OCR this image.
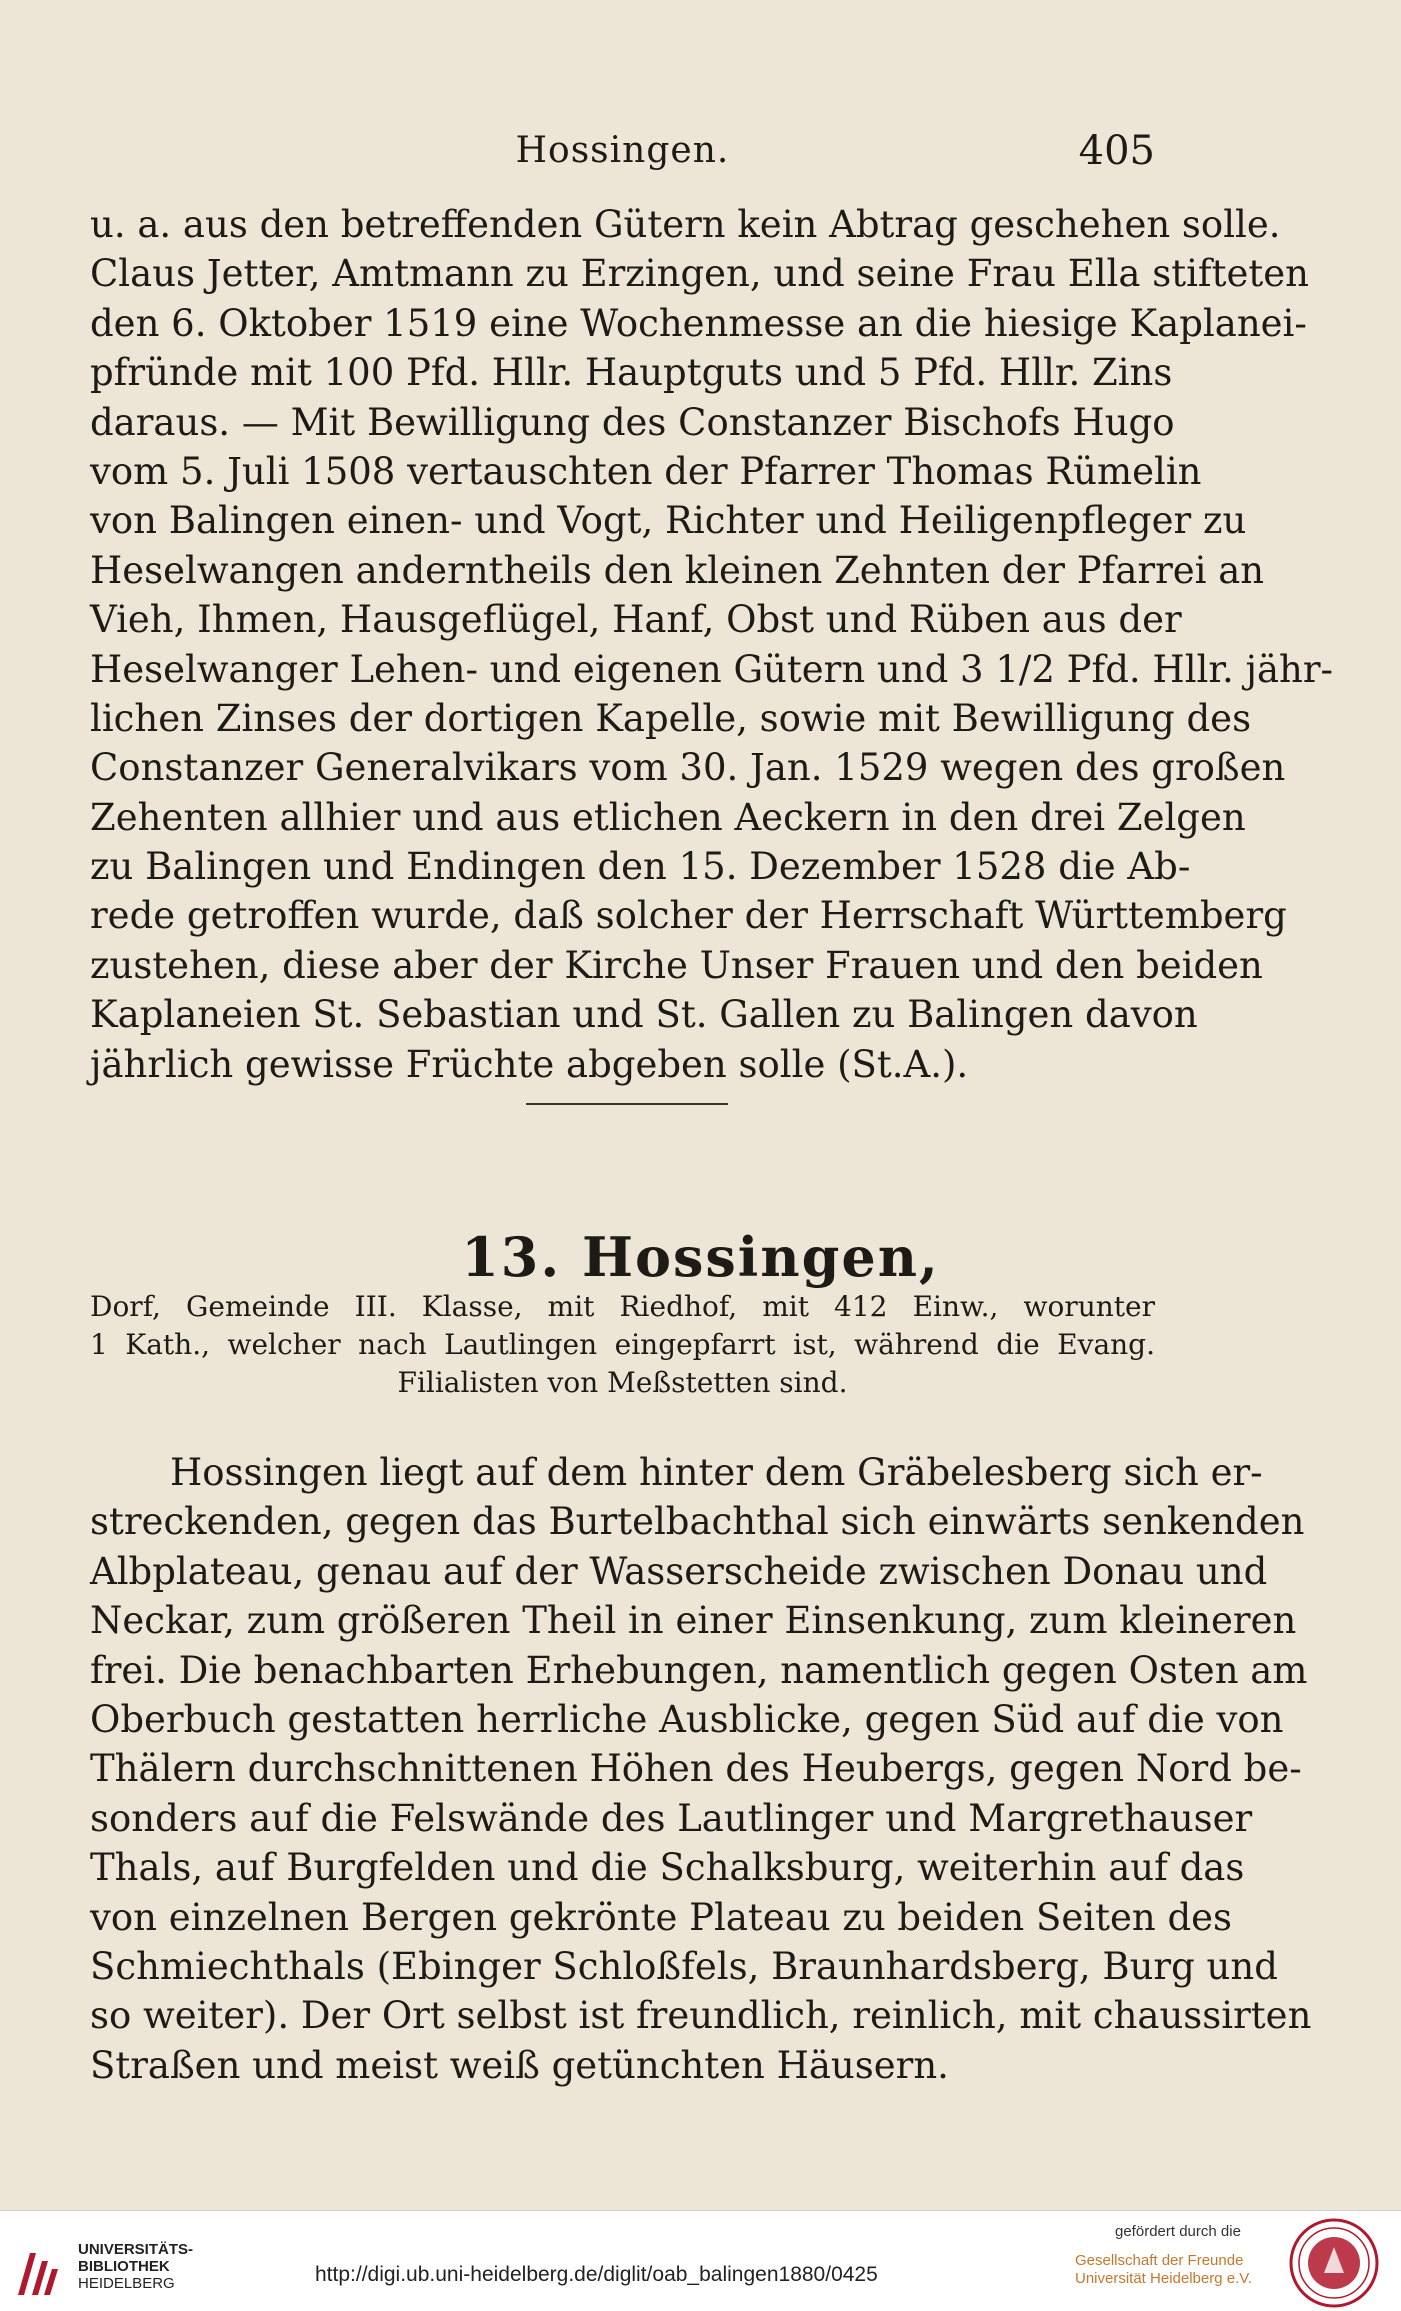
Hossingen.	405
u. a. aus den betreffenden Gütern kein Abtrag geschehen solle.
Claus Jetter, Amtmann zu Erzingen, und seine Frau Ella stifteten
den 6. Oktober 1519 eine Wochenmesse an die hiesige Kaplanei-
pfründe mit 100 Pfd. Hllr. Hauptguts und 5 Pfd. Hllr. Zins
daraus. — Mit Bewilligung des Constanzer Bischofs Hugo
vom 5. Juli 1508 vertauschten der Pfarrer Thomas Rümelin
von Balingen einen- und Vogt, Richter und Heiligenpfleger zu
Heselwangen anderntheils den kleinen Zehnten der Pfarrei an
Vieh, Ihmen, Hausgeflügel, Hanf, Obst und Rüben aus der
Heselwanger Lehen- und eigenen Gütern und 3 1/2 Pfd. Hllr. jähr-
lichen Zinses der dortigen Kapelle, sowie mit Bewilligung des
Constanzer Generalvikars vom 30. Jan. 1529 wegen des großen
Zehenten allhier und aus etlichen Aeckern in den drei Zelgen
zu Balingen und Endingen den 15. Dezember 1528 die Ab-
rede getroffen wurde, daß solcher der Herrschaft Württemberg
zustehen, diese aber der Kirche Unser Frauen und den beiden
Kaplaneien St. Sebastian und St. Gallen zu Balingen davon
jährlich gewisse Früchte abgeben solle (St.A.).
13. Hossingen,
Dorf, Gemeinde III. Klasse, mit Riedhof, mit 412 Einw., worunter
1 Kath., welcher nach Lautlingen eingepfarrt ist, während die Evang.
Filialisten von Meßstetten sind.
Hossingen liegt auf dem hinter dem Gräbelesberg sich er-
streckenden, gegen das Burtelbachthal sich einwärts senkenden
Albplateau, genau auf der Wasserscheide zwischen Donau und
Neckar, zum größeren Theil in einer Einsenkung, zum kleineren
frei. Die benachbarten Erhebungen, namentlich gegen Osten am
Oberbuch gestatten herrliche Ausblicke, gegen Süd auf die von
Thälern durchschnittenen Höhen des Heubergs, gegen Nord be-
sonders auf die Felswände des Lautlinger und Margrethauser
Thals, auf Burgfelden und die Schalksburg, weiterhin auf das
von einzelnen Bergen gekrönte Plateau zu beiden Seiten des
Schmiechthals (Ebinger Schloßfels, Braunhardsberg, Burg und
so weiter). Der Ort selbst ist freundlich, reinlich, mit chaussirten
Straßen und meist weiß getünchten Häusern.
UNIVERSITÄTS-
BIBLIOTHEK
HEIDELBERG	http://digi.ub.uni-heidelberg.de/diglit/oab_balingen1880/0425
gefördert durch die
Gesellschaft der Freunde
Universität Heidelberg e.V.
